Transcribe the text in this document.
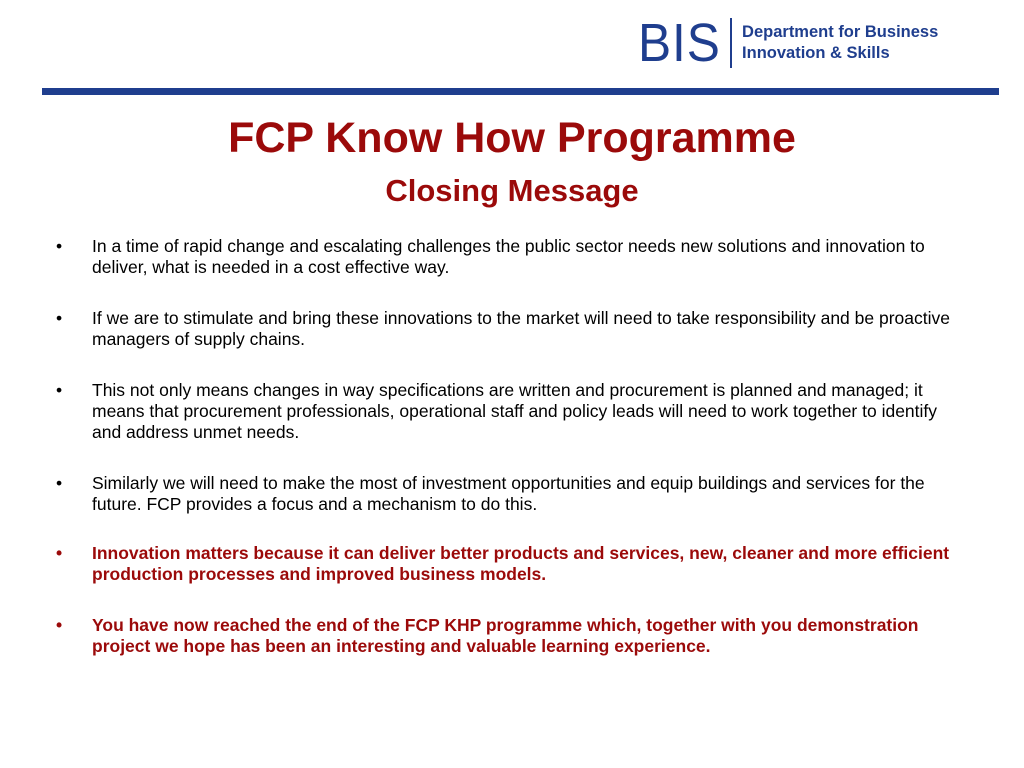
BIS Department for Business
Innovation & Skills
FCP Know How Programme
Closing Message
•	In a time of rapid change and escalating challenges the public sector needs new solutions and innovation to deliver, what is needed in a cost effective way.
•	If we are to stimulate and bring these innovations to the market will need to take responsibility and be proactive managers of supply chains.
•	This not only means changes in way specifications are written and procurement is planned and managed; it means that procurement professionals, operational staff and policy leads will need to work together to identify and address unmet needs.
•	Similarly we will need to make the most of investment opportunities and equip buildings and services for the future. FCP provides a focus and a mechanism to do this.
•	Innovation matters because it can deliver better products and services, new, cleaner and more efficient production processes and improved business models.
•	You have now reached the end of the FCP KHP programme which, together with you demonstration project we hope has been an interesting and valuable learning experience.
